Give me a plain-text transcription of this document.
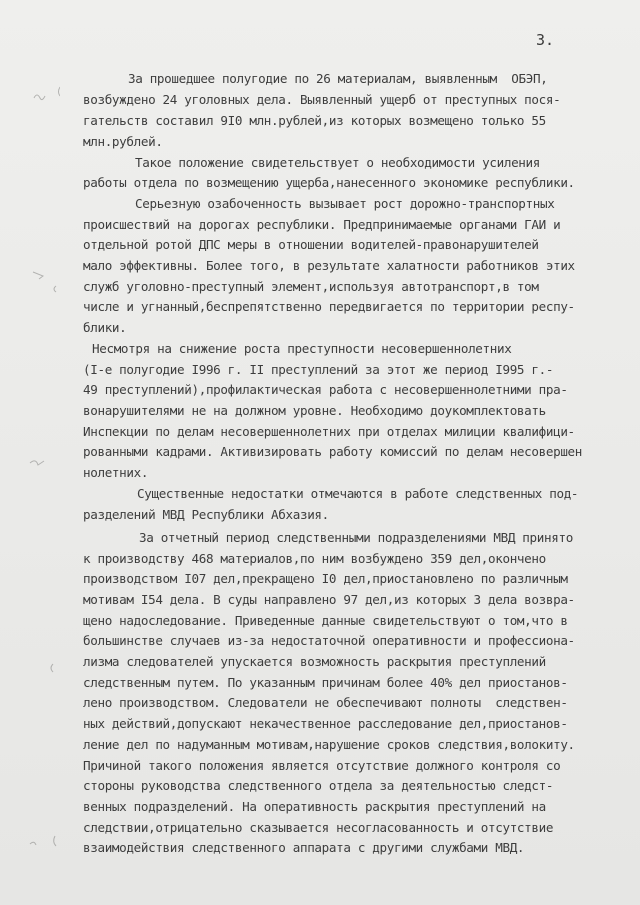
3.
За прошедшее полугодие по 26 материалам, выявленным  ОБЭП,
возбуждено 24 уголовных дела. Выявленный ущерб от преступных пося-
гательств составил 9I0 млн.рублей,из которых возмещено только 55
млн.рублей.
Такое положение свидетельствует о необходимости усиления
работы отдела по возмещению ущерба,нанесенного экономике республики.
Серьезную озабоченность вызывает рост дорожно-транспортных
происшествий на дорогах республики. Предпринимаемые органами ГАИ и
отдельной ротой ДПС меры в отношении водителей-правонарушителей
мало эффективны. Более того, в результате халатности работников этих
служб уголовно-преступный элемент,используя автотранспорт,в том
числе и угнанный,беспрепятственно передвигается по территории респу-
блики.
Несмотря на снижение роста преступности несовершеннолетних
(I-е полугодие I996 г. II преступлений за этот же период I995 г.-
49 преступлений),профилактическая работа с несовершеннолетними пра-
вонарушителями не на должном уровне. Необходимо доукомплектовать
Инспекции по делам несовершеннолетних при отделах милиции квалифици-
рованными кадрами. Активизировать работу комиссий по делам несовершен
нолетних.
Существенные недостатки отмечаются в работе следственных под-
разделений МВД Республики Абхазия.
За отчетный период следственными подразделениями МВД принято
к производству 468 материалов,по ним возбуждено 359 дел,окончено
производством I07 дел,прекращено I0 дел,приостановлено по различным
мотивам I54 дела. В суды направлено 97 дел,из которых 3 дела возвра-
щено надоследование. Приведенные данные свидетельствуют о том,что в
большинстве случаев из-за недостаточной оперативности и профессиона-
лизма следователей упускается возможность раскрытия преступлений
следственным путем. По указанным причинам более 40% дел приостанов-
лено производством. Следователи не обеспечивают полноты  следствен-
ных действий,допускают некачественное расследование дел,приостанов-
ление дел по надуманным мотивам,нарушение сроков следствия,волокиту.
Причиной такого положения является отсутствие должного контроля со
стороны руководства следственного отдела за деятельностью следст-
венных подразделений. На оперативность раскрытия преступлений на
следствии,отрицательно сказывается несогласованность и отсутствие
взаимодействия следственного аппарата с другими службами МВД.
